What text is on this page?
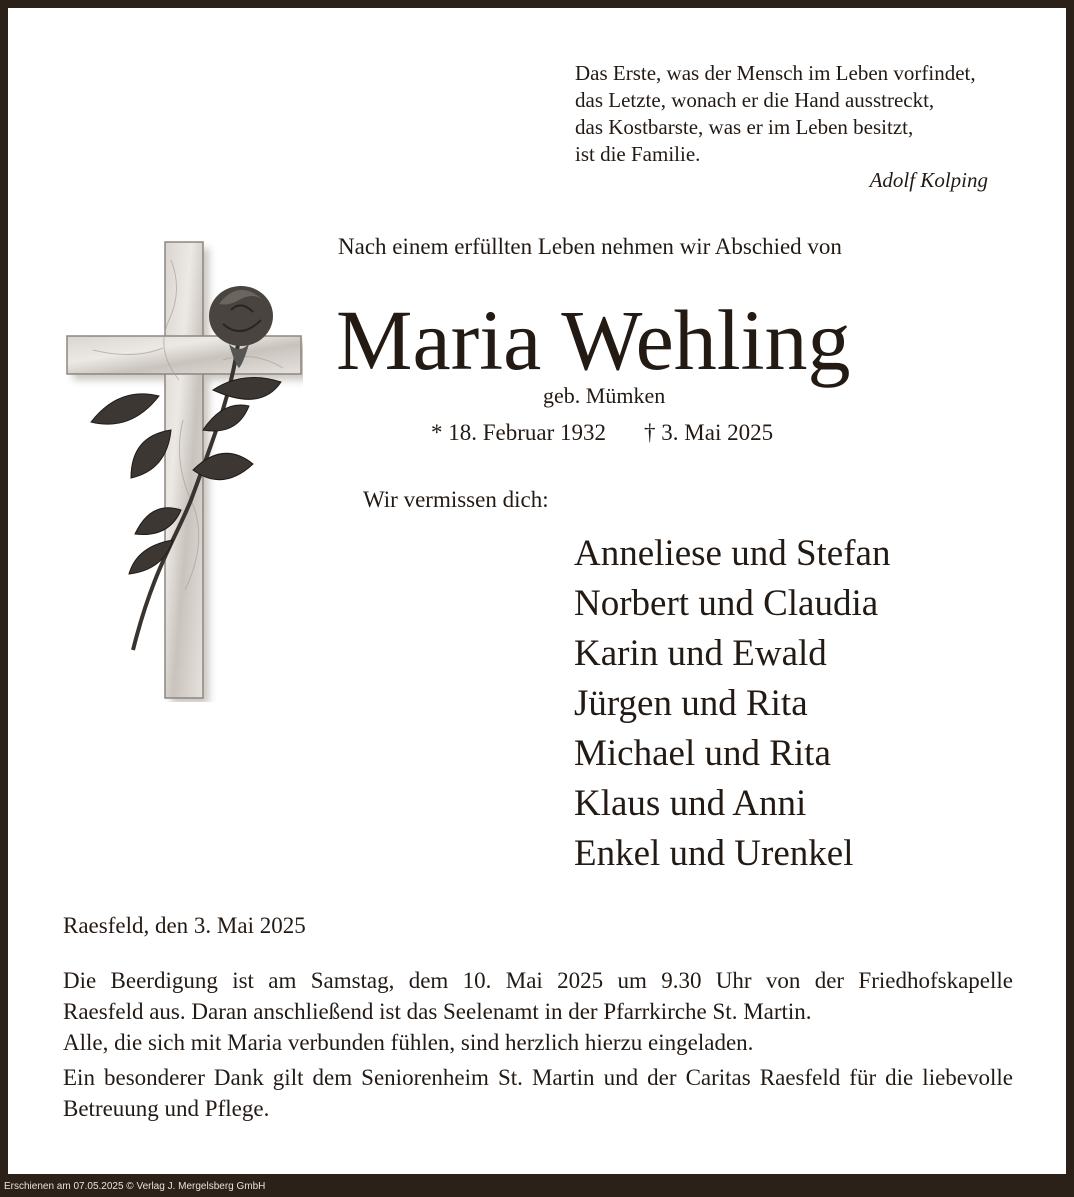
Das Erste, was der Mensch im Leben vorfindet,
das Letzte, wonach er die Hand ausstreckt,
das Kostbarste, was er im Leben besitzt,
ist die Familie.
Adolf Kolping
Nach einem erfüllten Leben nehmen wir Abschied von
Maria Wehling
geb. Mümken
* 18. Februar 1932 † 3. Mai 2025
Wir vermissen dich:
Anneliese und Stefan
Norbert und Claudia
Karin und Ewald
Jürgen und Rita
Michael und Rita
Klaus und Anni
Enkel und Urenkel
Raesfeld, den 3. Mai 2025
Die Beerdigung ist am Samstag, dem 10. Mai 2025 um 9.30 Uhr von der Friedhofskapelle
Raesfeld aus. Daran anschließend ist das Seelenamt in der Pfarrkirche St. Martin.
Alle, die sich mit Maria verbunden fühlen, sind herzlich hierzu eingeladen.
Ein besonderer Dank gilt dem Seniorenheim St. Martin und der Caritas Raesfeld für die liebevolle
Betreuung und Pflege.
Erschienen am 07.05.2025 © Verlag J. Mergelsberg GmbH
